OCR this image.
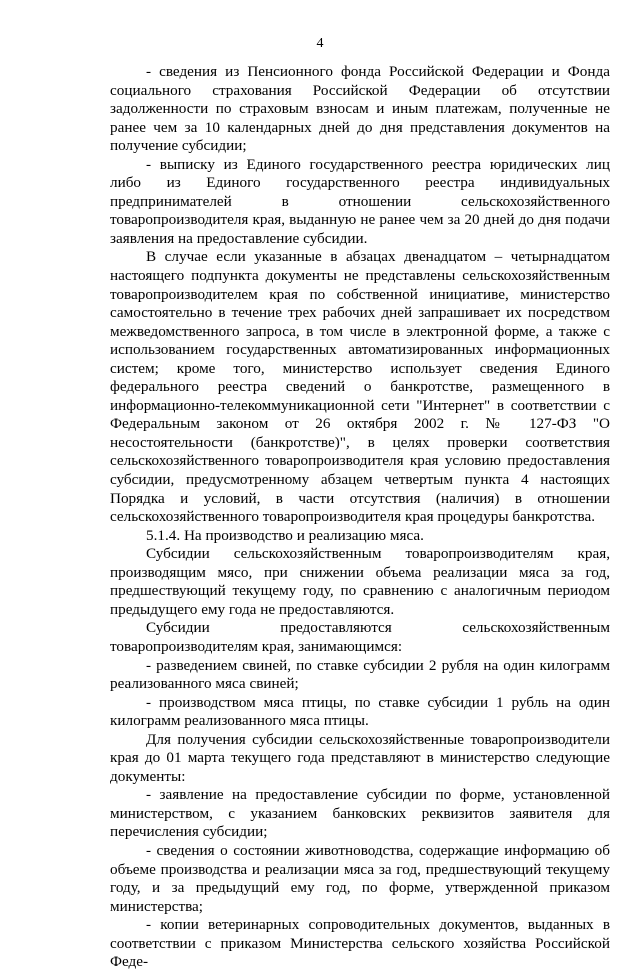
4

- сведения из Пенсионного фонда Российской Федерации и Фонда социального страхования Российской Федерации об отсутствии задолженности по страховым взносам и иным платежам, полученные не ранее чем за 10 календарных дней до дня представления документов на получение субсидии;

- выписку из Единого государственного реестра юридических лиц либо из Единого государственного реестра индивидуальных предпринимателей в отношении сельскохозяйственного товаропроизводителя края, выданную не ранее чем за 20 дней до дня подачи заявления на предоставление субсидии.

В случае если указанные в абзацах двенадцатом – четырнадцатом настоящего подпункта документы не представлены сельскохозяйственным товаропроизводителем края по собственной инициативе, министерство самостоятельно в течение трех рабочих дней запрашивает их посредством межведомственного запроса, в том числе в электронной форме, а также с использованием государственных автоматизированных информационных систем; кроме того, министерство использует сведения Единого федерального реестра сведений о банкротстве, размещенного в информационно-телекоммуникационной сети "Интернет" в соответствии с Федеральным законом от 26 октября 2002 г. № 127-ФЗ "О несостоятельности (банкротстве)", в целях проверки соответствия сельскохозяйственного товаропроизводителя края условию предоставления субсидии, предусмотренному абзацем четвертым пункта 4 настоящих Порядка и условий, в части отсутствия (наличия) в отношении сельскохозяйственного товаропроизводителя края процедуры банкротства.

5.1.4. На производство и реализацию мяса.

Субсидии сельскохозяйственным товаропроизводителям края, производящим мясо, при снижении объема реализации мяса за год, предшествующий текущему году, по сравнению с аналогичным периодом предыдущего ему года не предоставляются.

Субсидии предоставляются сельскохозяйственным товаропроизводителям края, занимающимся:

- разведением свиней, по ставке субсидии 2 рубля на один килограмм реализованного мяса свиней;

- производством мяса птицы, по ставке субсидии 1 рубль на один килограмм реализованного мяса птицы.

Для получения субсидии сельскохозяйственные товаропроизводители края до 01 марта текущего года представляют в министерство следующие документы:

- заявление на предоставление субсидии по форме, установленной министерством, с указанием банковских реквизитов заявителя для перечисления субсидии;

- сведения о состоянии животноводства, содержащие информацию об объеме производства и реализации мяса за год, предшествующий текущему году, и за предыдущий ему год, по форме, утвержденной приказом министерства;

- копии ветеринарных сопроводительных документов, выданных в соответствии с приказом Министерства сельского хозяйства Российской Феде-
